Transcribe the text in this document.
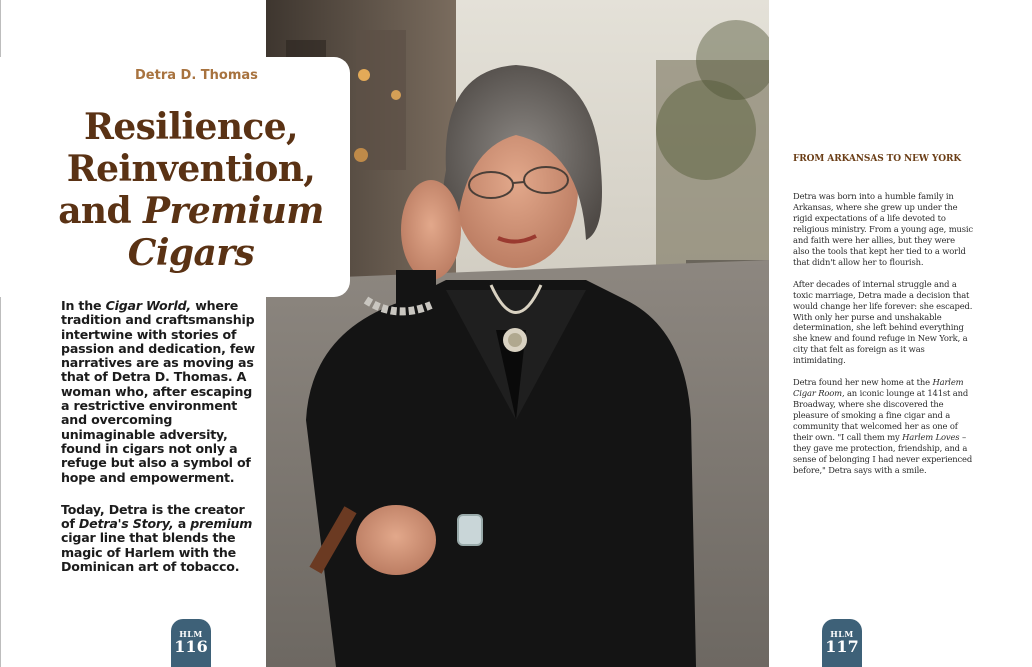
Detra D. Thomas
Resilience,
Reinvention,
and Premium
Cigars

In the Cigar World, where tradition and craftsmanship intertwine with stories of passion and dedication, few narratives are as moving as that of Detra D. Thomas. A woman who, after escaping a restrictive environment and overcoming unimaginable adversity, found in cigars not only a refuge but also a symbol of hope and empowerment.

Today, Detra is the creator of Detra's Story, a premium cigar line that blends the magic of Harlem with the Dominican art of tobacco.

FROM ARKANSAS TO NEW YORK

Detra was born into a humble family in Arkansas, where she grew up under the rigid expectations of a life devoted to religious ministry. From a young age, music and faith were her allies, but they were also the tools that kept her tied to a world that didn't allow her to flourish.

After decades of internal struggle and a toxic marriage, Detra made a decision that would change her life forever: she escaped. With only her purse and unshakable determination, she left behind everything she knew and found refuge in New York, a city that felt as foreign as it was intimidating.

Detra found her new home at the Harlem Cigar Room, an iconic lounge at 141st and Broadway, where she discovered the pleasure of smoking a fine cigar and a community that welcomed her as one of their own. "I call them my Harlem Loves –they gave me protection, friendship, and a sense of belonging I had never experienced before," Detra says with a smile.

HLM
116
HLM
117
